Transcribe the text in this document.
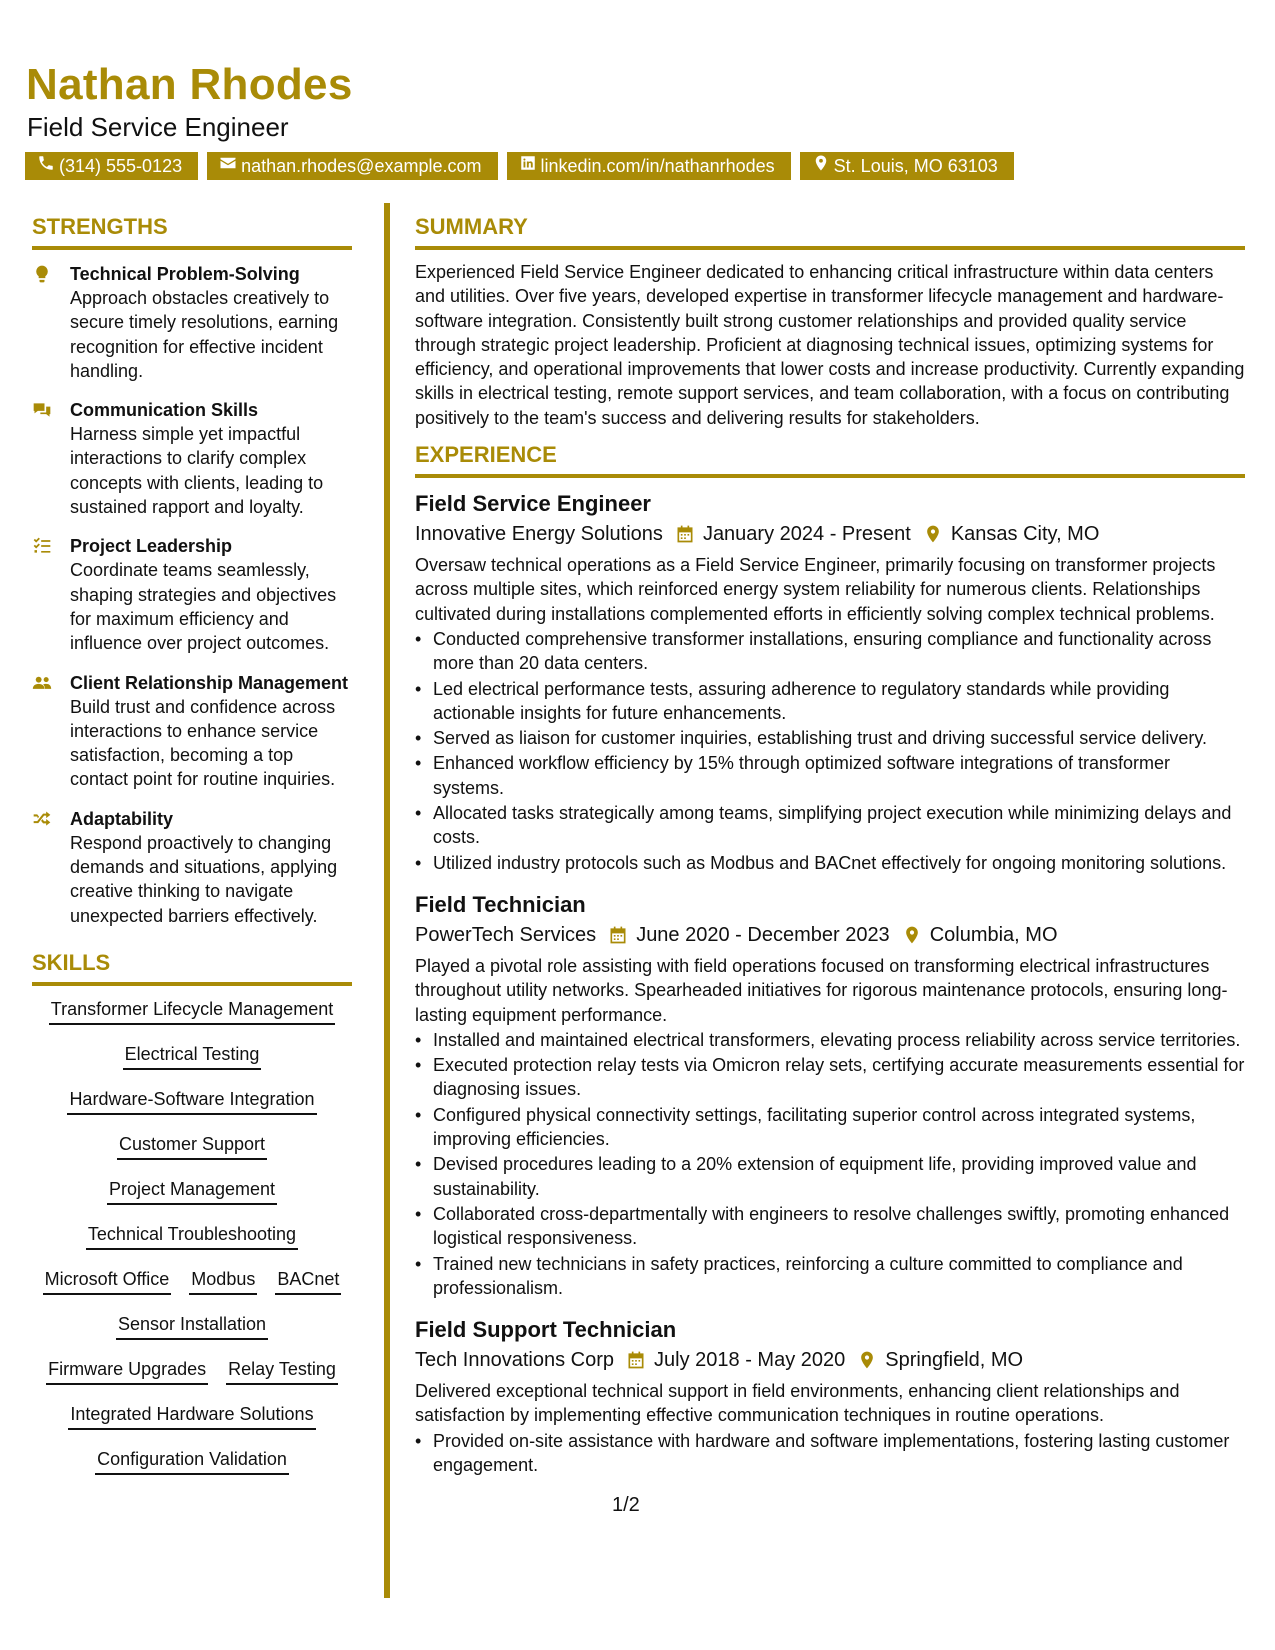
Nathan Rhodes
Field Service Engineer
(314) 555-0123	nathan.rhodes@example.com	linkedin.com/in/nathanrhodes	St. Louis, MO 63103
STRENGTHS
Technical Problem-Solving
Approach obstacles creatively to secure timely resolutions, earning recognition for effective incident handling.
Communication Skills
Harness simple yet impactful interactions to clarify complex concepts with clients, leading to sustained rapport and loyalty.
Project Leadership
Coordinate teams seamlessly, shaping strategies and objectives for maximum efficiency and influence over project outcomes.
Client Relationship Management
Build trust and confidence across interactions to enhance service satisfaction, becoming a top contact point for routine inquiries.
Adaptability
Respond proactively to changing demands and situations, applying creative thinking to navigate unexpected barriers effectively.
SKILLS
Transformer Lifecycle Management
Electrical Testing
Hardware-Software Integration
Customer Support
Project Management
Technical Troubleshooting
Microsoft Office Modbus BACnet
Sensor Installation
Firmware Upgrades Relay Testing
Integrated Hardware Solutions
Configuration Validation
SUMMARY
Experienced Field Service Engineer dedicated to enhancing critical infrastructure within data centers and utilities. Over five years, developed expertise in transformer lifecycle management and hardware-software integration. Consistently built strong customer relationships and provided quality service through strategic project leadership. Proficient at diagnosing technical issues, optimizing systems for efficiency, and operational improvements that lower costs and increase productivity. Currently expanding skills in electrical testing, remote support services, and team collaboration, with a focus on contributing positively to the team's success and delivering results for stakeholders.
EXPERIENCE
Field Service Engineer
Innovative Energy Solutions January 2024 - Present Kansas City, MO
Oversaw technical operations as a Field Service Engineer, primarily focusing on transformer projects across multiple sites, which reinforced energy system reliability for numerous clients. Relationships cultivated during installations complemented efforts in efficiently solving complex technical problems.
• Conducted comprehensive transformer installations, ensuring compliance and functionality across more than 20 data centers.
• Led electrical performance tests, assuring adherence to regulatory standards while providing actionable insights for future enhancements.
• Served as liaison for customer inquiries, establishing trust and driving successful service delivery.
• Enhanced workflow efficiency by 15% through optimized software integrations of transformer systems.
• Allocated tasks strategically among teams, simplifying project execution while minimizing delays and costs.
• Utilized industry protocols such as Modbus and BACnet effectively for ongoing monitoring solutions.
Field Technician
PowerTech Services June 2020 - December 2023 Columbia, MO
Played a pivotal role assisting with field operations focused on transforming electrical infrastructures throughout utility networks. Spearheaded initiatives for rigorous maintenance protocols, ensuring long-lasting equipment performance.
• Installed and maintained electrical transformers, elevating process reliability across service territories.
• Executed protection relay tests via Omicron relay sets, certifying accurate measurements essential for diagnosing issues.
• Configured physical connectivity settings, facilitating superior control across integrated systems, improving efficiencies.
• Devised procedures leading to a 20% extension of equipment life, providing improved value and sustainability.
• Collaborated cross-departmentally with engineers to resolve challenges swiftly, promoting enhanced logistical responsiveness.
• Trained new technicians in safety practices, reinforcing a culture committed to compliance and professionalism.
Field Support Technician
Tech Innovations Corp July 2018 - May 2020 Springfield, MO
Delivered exceptional technical support in field environments, enhancing client relationships and satisfaction by implementing effective communication techniques in routine operations.
• Provided on-site assistance with hardware and software implementations, fostering lasting customer engagement.
1/2
